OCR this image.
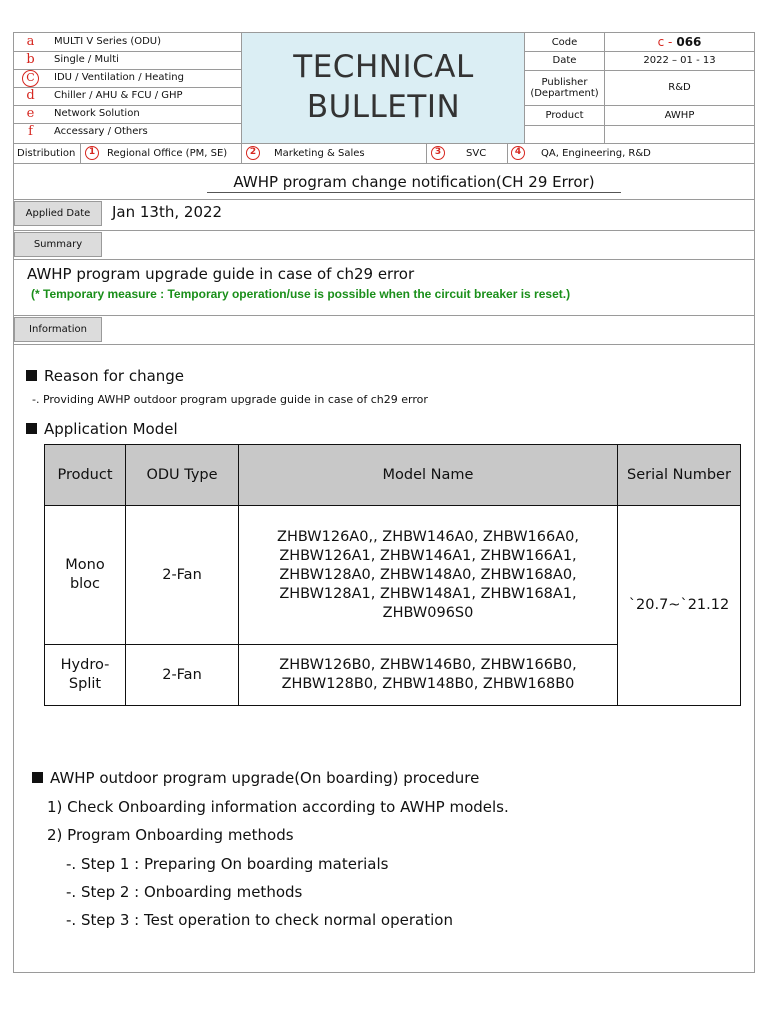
a	MULTI V Series (ODU)
b	Single / Multi
C	IDU / Ventilation / Heating
d	Chiller / AHU & FCU / GHP
e	Network Solution
f	Accessary / Others
TECHNICAL
BULLETIN
Code	c - 066
Date	2022 – 01 - 13
Publisher (Department)	R&D
Product	AWHP
Distribution	1	Regional Office (PM, SE)	2	Marketing & Sales	3	SVC	4	QA, Engineering, R&D
AWHP program change notification(CH 29 Error)
Applied Date	Jan 13th, 2022
Summary
AWHP program upgrade guide in case of ch29 error
(* Temporary measure : Temporary operation/use is possible when the circuit breaker is reset.)
Information
Reason for change
-. Providing AWHP outdoor program upgrade guide in case of ch29 error
Application Model
Product	ODU Type	Model Name	Serial Number
Mono bloc	2-Fan	ZHBW126A0,, ZHBW146A0, ZHBW166A0,
ZHBW126A1, ZHBW146A1, ZHBW166A1,
ZHBW128A0, ZHBW148A0, ZHBW168A0,
ZHBW128A1, ZHBW148A1, ZHBW168A1,
ZHBW096S0	`20.7~`21.12
Hydro-Split	2-Fan	ZHBW126B0, ZHBW146B0, ZHBW166B0,
ZHBW128B0, ZHBW148B0, ZHBW168B0	
AWHP outdoor program upgrade(On boarding) procedure
1) Check Onboarding information according to AWHP models.
2) Program Onboarding methods
-. Step 1 : Preparing On boarding materials
-. Step 2 : Onboarding methods
-. Step 3 : Test operation to check normal operation
